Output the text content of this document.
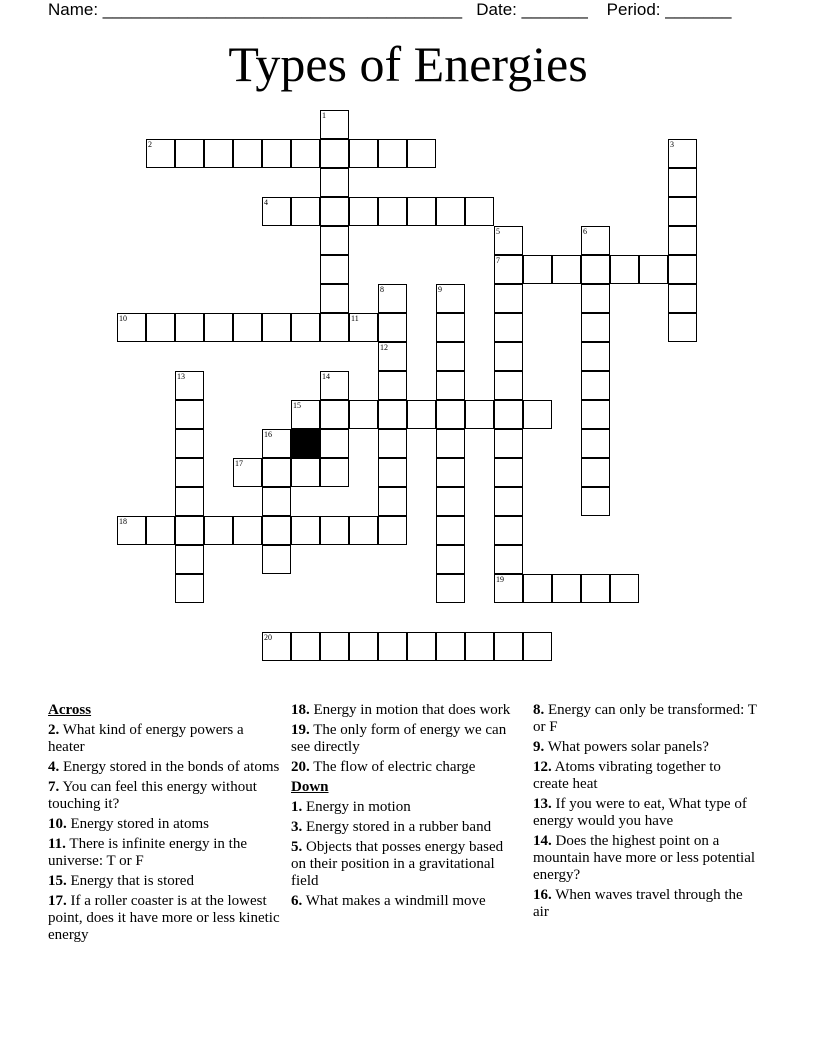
Name: ______________________________________   Date: _______    Period: _______
Types of Energies
1
2	3
4
5
7
19
6
8	9
10	11
12
13	14
15
16
17
18
20
Across
2. What kind of energy powers a heater
4. Energy stored in the bonds of atoms
7. You can feel this energy without touching it?
10. Energy stored in atoms
11. There is infinite energy in the universe: T or F
15. Energy that is stored
17. If a roller coaster is at the lowest point, does it have more or less kinetic energy
18. Energy in motion that does work
19. The only form of energy we can see directly
20. The flow of electric charge
Down
1. Energy in motion
3. Energy stored in a rubber band
5. Objects that posses energy based on their position in a gravitational field
6. What makes a windmill move
8. Energy can only be transformed: T or F
9. What powers solar panels?
12. Atoms vibrating together to create heat
13. If you were to eat, What type of energy would you have
14. Does the highest point on a mountain have more or less potential energy?
16. When waves travel through the air
